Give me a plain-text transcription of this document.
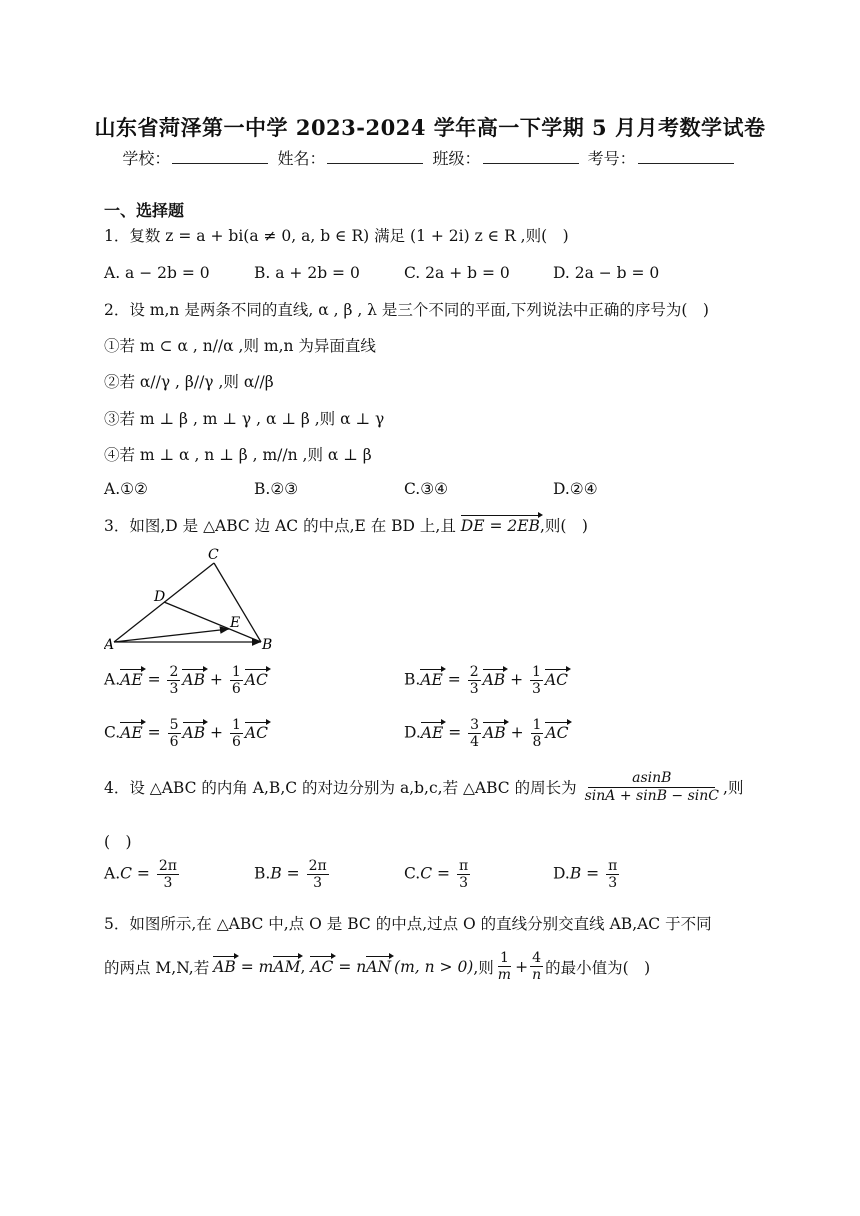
山东省菏泽第一中学 2023-2024 学年高一下学期 5 月月考数学试卷
学校：	姓名：	班级：	考号：
一、选择题
1．复数 z = a + bi(a ≠ 0, a, b ∈ R) 满足 (1 + 2i) z ∈ R ,则(　)
A. a − 2b = 0	B. a + 2b = 0	C. 2a + b = 0	D. 2a − b = 0
2．设 m,n 是两条不同的直线, α , β , λ 是三个不同的平面,下列说法中正确的序号为(　)
①若 m ⊂ α , n//α ,则 m,n 为异面直线
②若 α//γ , β//γ ,则 α//β
③若 m ⊥ β , m ⊥ γ , α ⊥ β ,则 α ⊥ γ
④若 m ⊥ α , n ⊥ β , m//n ,则 α ⊥ β
A.①②	B.②③	C.③④	D.②④
3．如图,D 是 △ABC 边 AC 的中点,E 在 BD 上,且 DE = 2EB,则(　)
A	B
C
D
E
$A.AE = \frac{2}{3}$ AB + $\frac{1}{6}$ AC	$B.AE = \frac{2}{3}$ AB + $\frac{1}{3}$ AC
$C.AE = \frac{5}{6}$ AB + $\frac{1}{6}$ AC	$D.AE = \frac{3}{4}$ AB + $\frac{1}{8}$ AC
4． 设 △ABC 的内角 A,B,C 的对边分别为 a,b,c,若 △ABC 的周长为 $\frac{asinB}{\sin A + \sin B - \sin C}$ ,则
(　)
$A.C = \frac{2\pi}{3}$	$B.B = \frac{2\pi}{3}$	$C.C = \frac{\pi}{3}$	$D.B = \frac{\pi}{3}$
5．如图所示,在 △ABC 中,点 O 是 BC 的中点,过点 O 的直线分别交直线 AB,AC 于不同
的两点 M,N,若 AB
= m AM ,
AC
= n AN (m, n > 0) ,则 $\frac{1}{m} + \frac{4}{n}$ 的最小值为(　)
